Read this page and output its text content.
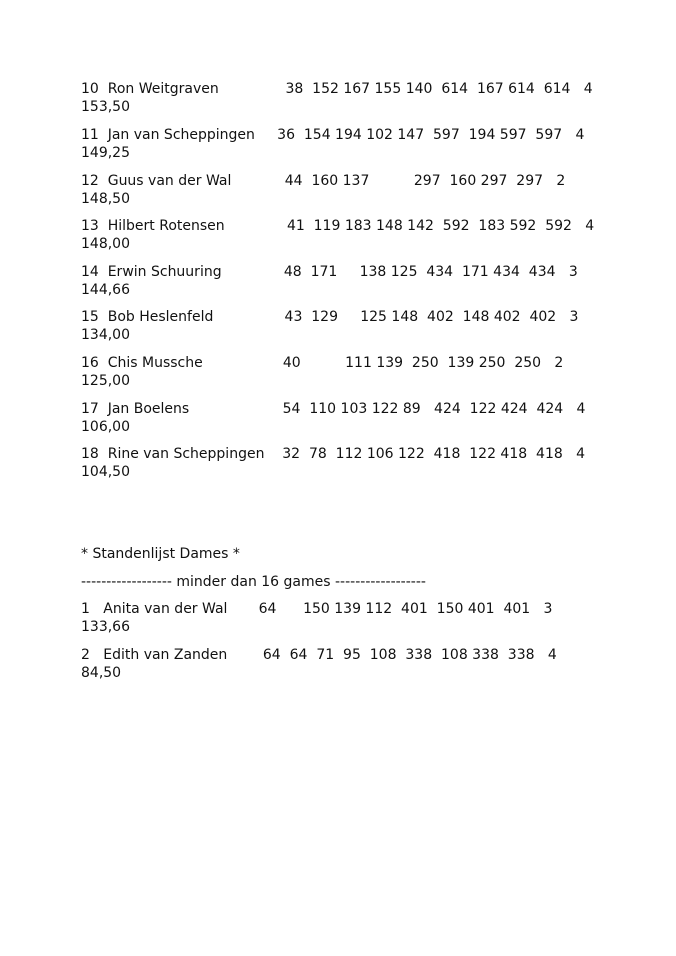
10  Ron Weitgraven               38  152 167 155 140  614  167 614  614   4

153,50

11  Jan van Scheppingen     36  154 194 102 147  597  194 597  597   4

149,25

12  Guus van der Wal            44  160 137          297  160 297  297   2

148,50

13  Hilbert Rotensen              41  119 183 148 142  592  183 592  592   4

148,00

14  Erwin Schuuring              48  171     138 125  434  171 434  434   3

144,66

15  Bob Heslenfeld                43  129     125 148  402  148 402  402   3

134,00

16  Chis Mussche                  40          111 139  250  139 250  250   2

125,00

17  Jan Boelens                     54  110 103 122 89   424  122 424  424   4

106,00

18  Rine van Scheppingen    32  78  112 106 122  418  122 418  418   4

104,50

* Standenlijst Dames *

------------------ minder dan 16 games ------------------

1   Anita van der Wal       64      150 139 112  401  150 401  401   3

133,66

2   Edith van Zanden        64  64  71  95  108  338  108 338  338   4

84,50
